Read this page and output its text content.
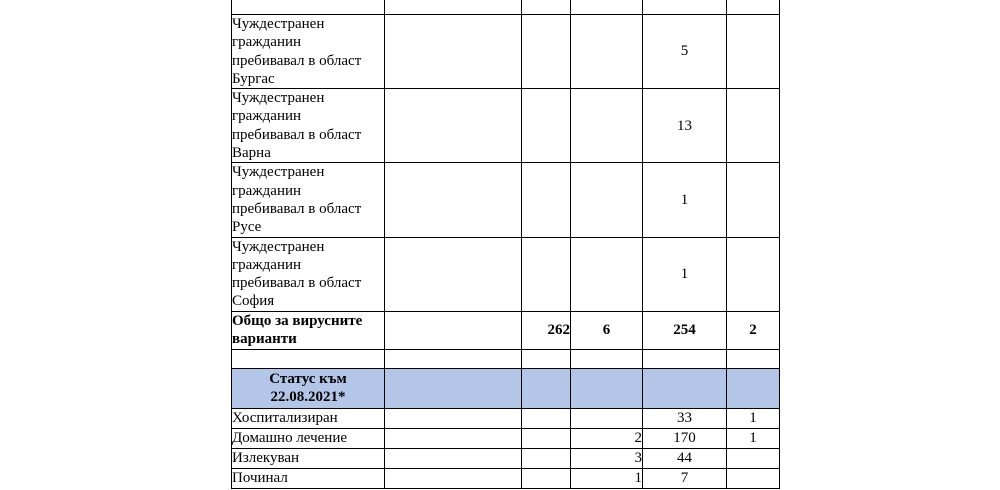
Чуждестранен
гражданин
пребивавал в област
Бургас				5	
Чуждестранен
гражданин
пребивавал в област
Варна				13	
Чуждестранен
гражданин
пребивавал в област
Русе				1	
Чуждестранен
гражданин
пребивавал в област
София				1	
Общо за вирусните
варианти		262	6	254	2

Статус към
22.08.2021*					
Хоспитализиран				33	1
Домашно лечение			2	170	1
Излекуван			3	44	
Починал			1	7	
